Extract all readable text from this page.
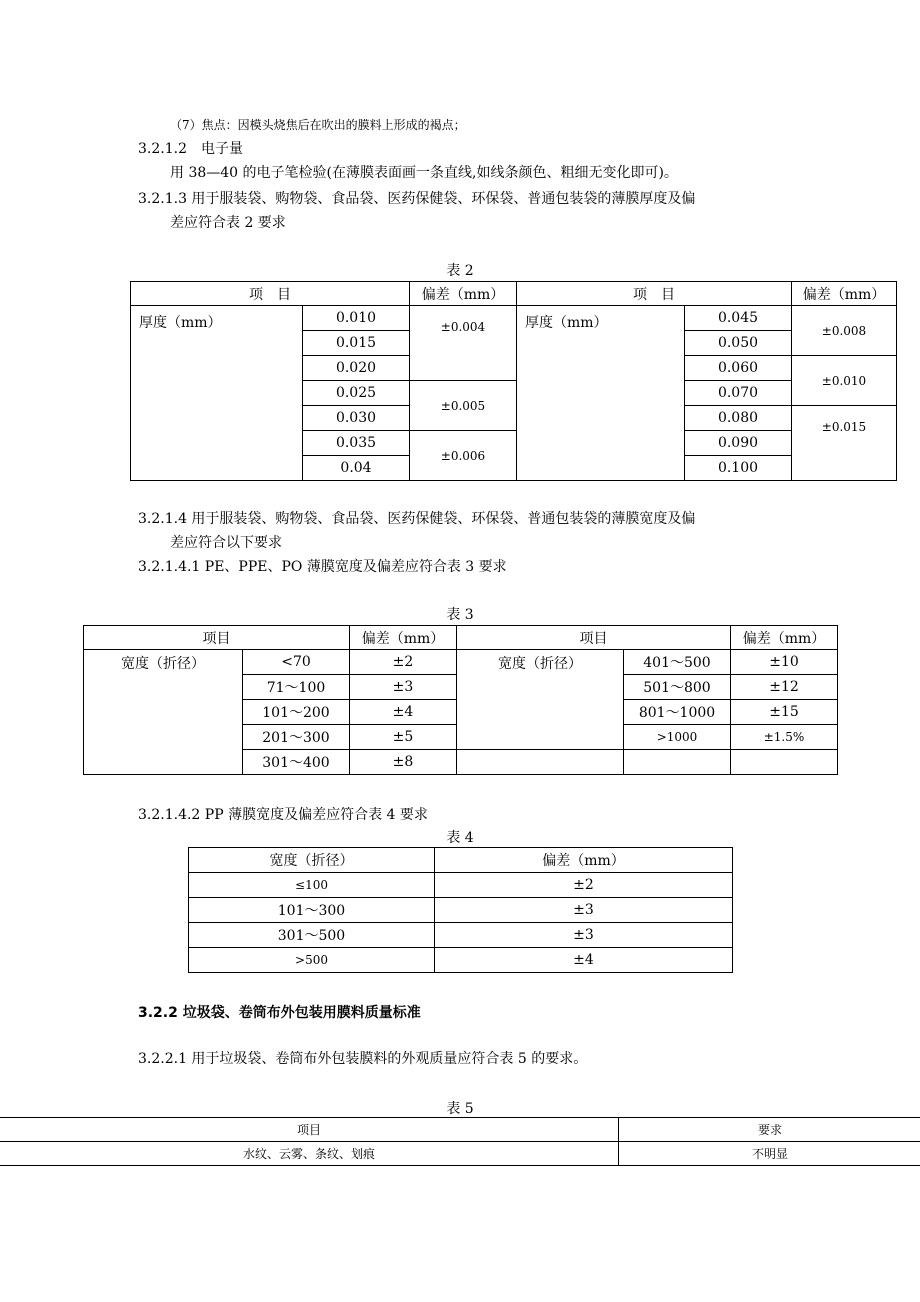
（7）焦点：因模头烧焦后在吹出的膜料上形成的褐点；
3.2.1.2　电子量
用 38—40 的电子笔检验(在薄膜表面画一条直线,如线条颜色、粗细无变化即可)。
3.2.1.3 用于服装袋、购物袋、食品袋、医药保健袋、环保袋、普通包装袋的薄膜厚度及偏
差应符合表 2 要求
表 2
项　目		偏差（mm）	项　目		偏差（mm）
厚度（mm）	0.010	±0.004	厚度（mm）	0.045	±0.008
	0.015			0.050	
	0.020			0.060	±0.010
	0.025	±0.005		0.070	
	0.030			0.080	±0.015
	0.035	±0.006		0.090	
	0.04			0.100	
3.2.1.4 用于服装袋、购物袋、食品袋、医药保健袋、环保袋、普通包装袋的薄膜宽度及偏
差应符合以下要求
3.2.1.4.1 PE、PPE、PO 薄膜宽度及偏差应符合表 3 要求
表 3
项目		偏差（mm）	项目		偏差（mm）
宽度（折径）	<70	±2	宽度（折径）	401～500	±10
	71～100	±3		501～800	±12
	101～200	±4		801～1000	±15
	201～300	±5		>1000	±1.5%
	301～400	±8			
3.2.1.4.2 PP 薄膜宽度及偏差应符合表 4 要求
表 4
宽度（折径）	偏差（mm）
≤100	±2
101～300	±3
301～500	±3
>500	±4
3.2.2 垃圾袋、卷筒布外包装用膜料质量标准
3.2.2.1 用于垃圾袋、卷筒布外包装膜料的外观质量应符合表 5 的要求。
表 5
项目	要求
水纹、云雾、条纹、划痕	不明显
